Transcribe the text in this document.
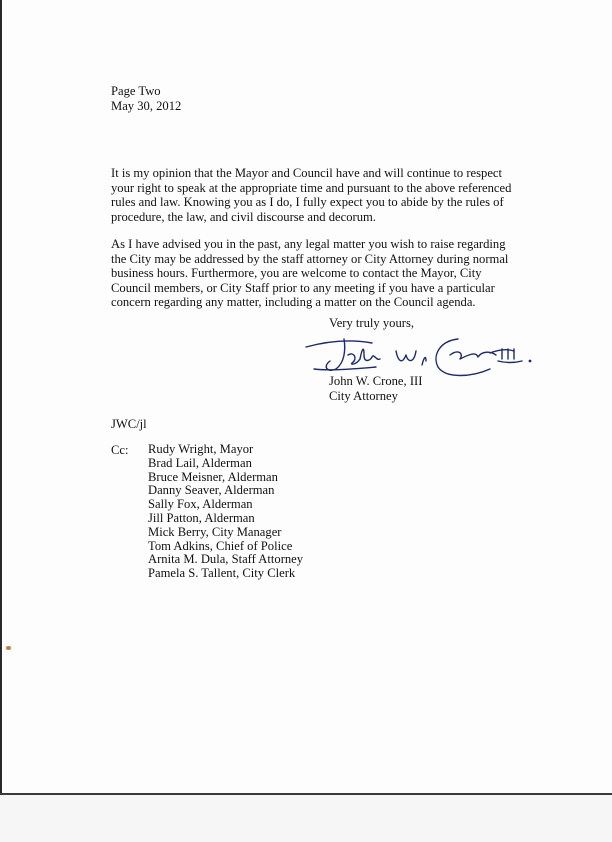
Page Two
May 30, 2012
It is my opinion that the Mayor and Council have and will continue to respect
your right to speak at the appropriate time and pursuant to the above referenced
rules and law. Knowing you as I do, I fully expect you to abide by the rules of
procedure, the law, and civil discourse and decorum.
As I have advised you in the past, any legal matter you wish to raise regarding
the City may be addressed by the staff attorney or City Attorney during normal
business hours. Furthermore, you are welcome to contact the Mayor, City
Council members, or City Staff prior to any meeting if you have a particular
concern regarding any matter, including a matter on the Council agenda.
Very truly yours,
John W. Crone, III
City Attorney
JWC/jl
Cc: Rudy Wright, Mayor
Brad Lail, Alderman
Bruce Meisner, Alderman
Danny Seaver, Alderman
Sally Fox, Alderman
Jill Patton, Alderman
Mick Berry, City Manager
Tom Adkins, Chief of Police
Arnita M. Dula, Staff Attorney
Pamela S. Tallent, City Clerk
